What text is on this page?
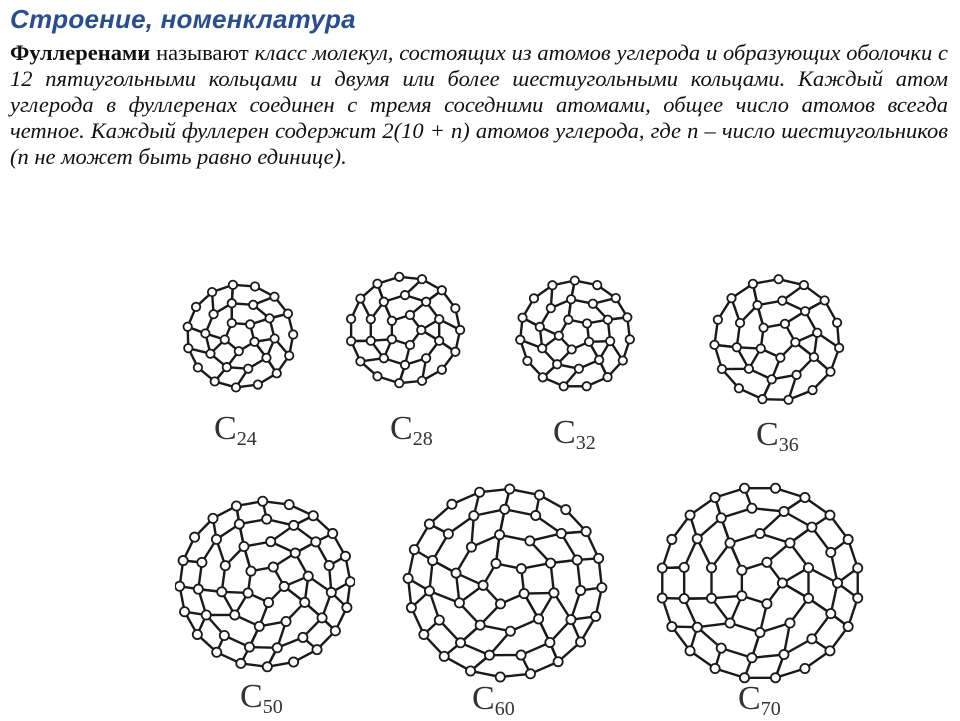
Строение, номенклатура

Фуллеренами называют класс молекул, состоящих из атомов углерода и образующих оболочки с 12 пятиугольными кольцами и двумя или более шестиугольными кольцами. Каждый атом углерода в фуллеренах соединен с тремя соседними атомами, общее число атомов всегда четное. Каждый фуллерен содержит 2(10 + n) атомов углерода, где n – число шестиугольников (n не может быть равно единице).

$C_{24}$	$C_{28}$	$C_{32}$	$C_{36}$
$C_{50}$	$C_{60}$	$C_{70}$
